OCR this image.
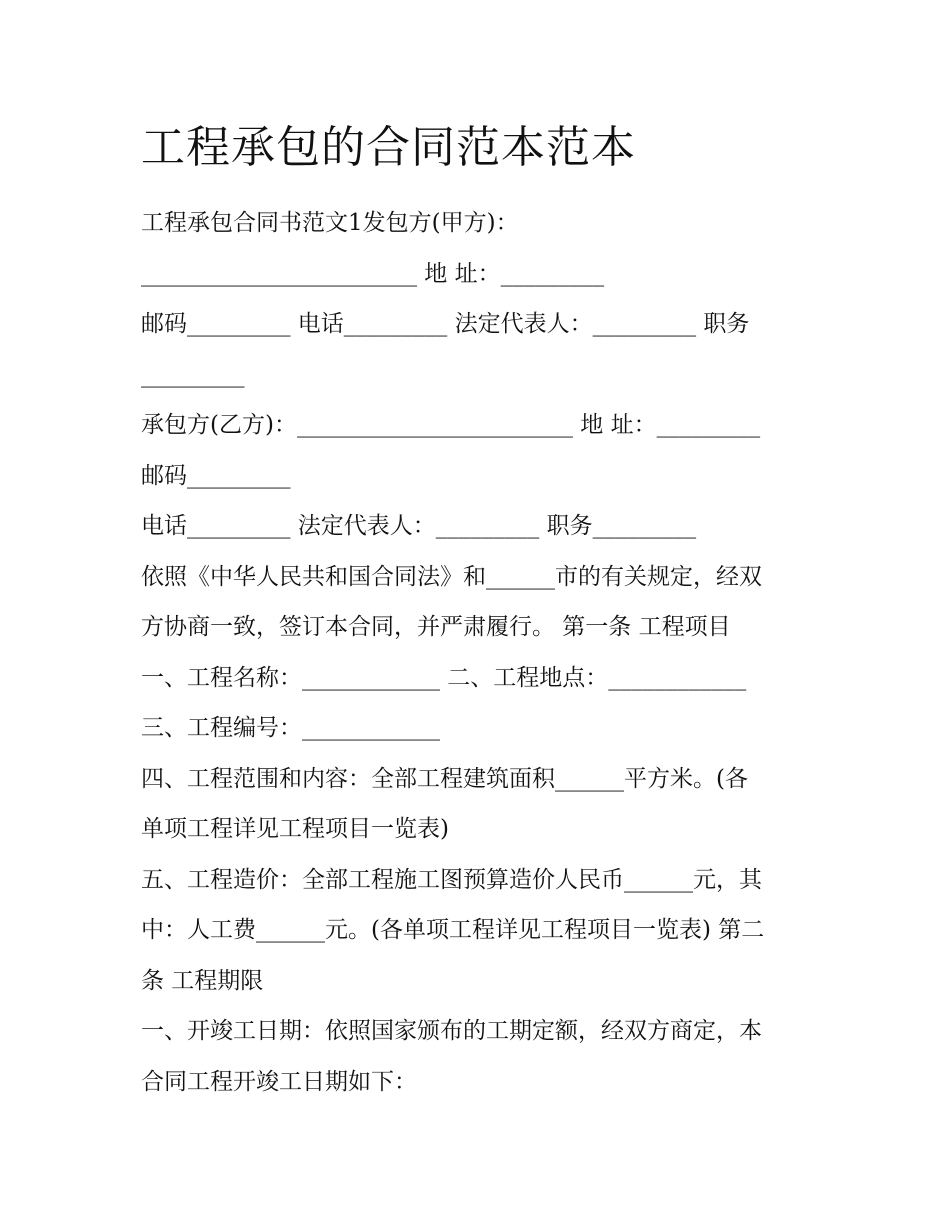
工程承包的合同范本范本
工程承包合同书范文1发包方(甲方)：
________________________ 地 址：_________
邮码_________ 电话_________ 法定代表人：_________ 职务
_________
承包方(乙方)：________________________ 地 址：_________
邮码_________
电话_________ 法定代表人：_________ 职务_________
依照《中华人民共和国合同法》和______市的有关规定，经双
方协商一致，签订本合同，并严肃履行。 第一条 工程项目
一、工程名称：____________ 二、工程地点：____________
三、工程编号：____________
四、工程范围和内容：全部工程建筑面积______平方米。(各
单项工程详见工程项目一览表)
五、工程造价：全部工程施工图预算造价人民币______元，其
中：人工费______元。(各单项工程详见工程项目一览表) 第二
条 工程期限
一、开竣工日期：依照国家颁布的工期定额，经双方商定，本
合同工程开竣工日期如下：
